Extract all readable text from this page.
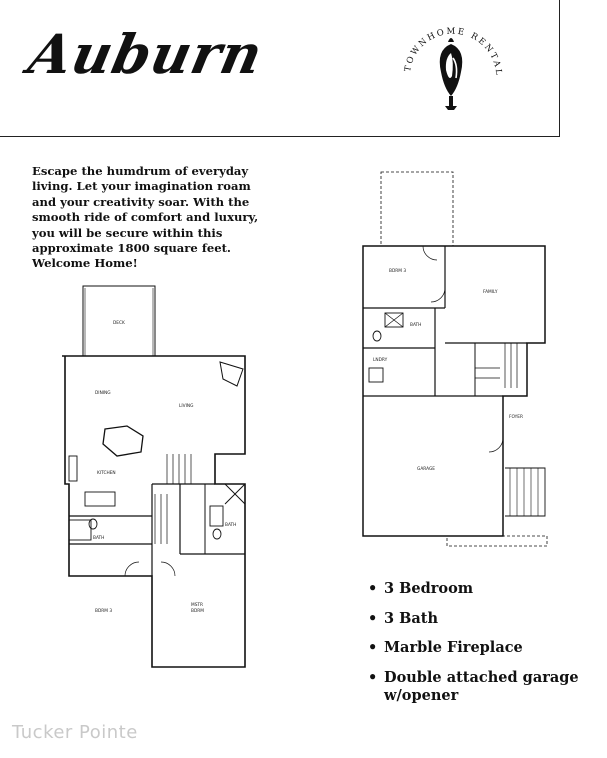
Auburn	TOWNHOME RENTAL
Escape the humdrum of everyday living. Let your imagination roam and your creativity soar. With the smooth ride of comfort and luxury, you will be secure within this approximate 1800 square feet. Welcome Home!
DECK
DINING
LIVING
KITCHEN
BATH
BATH
BDRM 3
MSTR
BDRM
BDRM 3
FAMILY
BATH
LNDRY
FOYER
GARAGE
• 3 Bedroom
• 3 Bath
• Marble Fireplace
• Double attached garage w/opener
Tucker Pointe
